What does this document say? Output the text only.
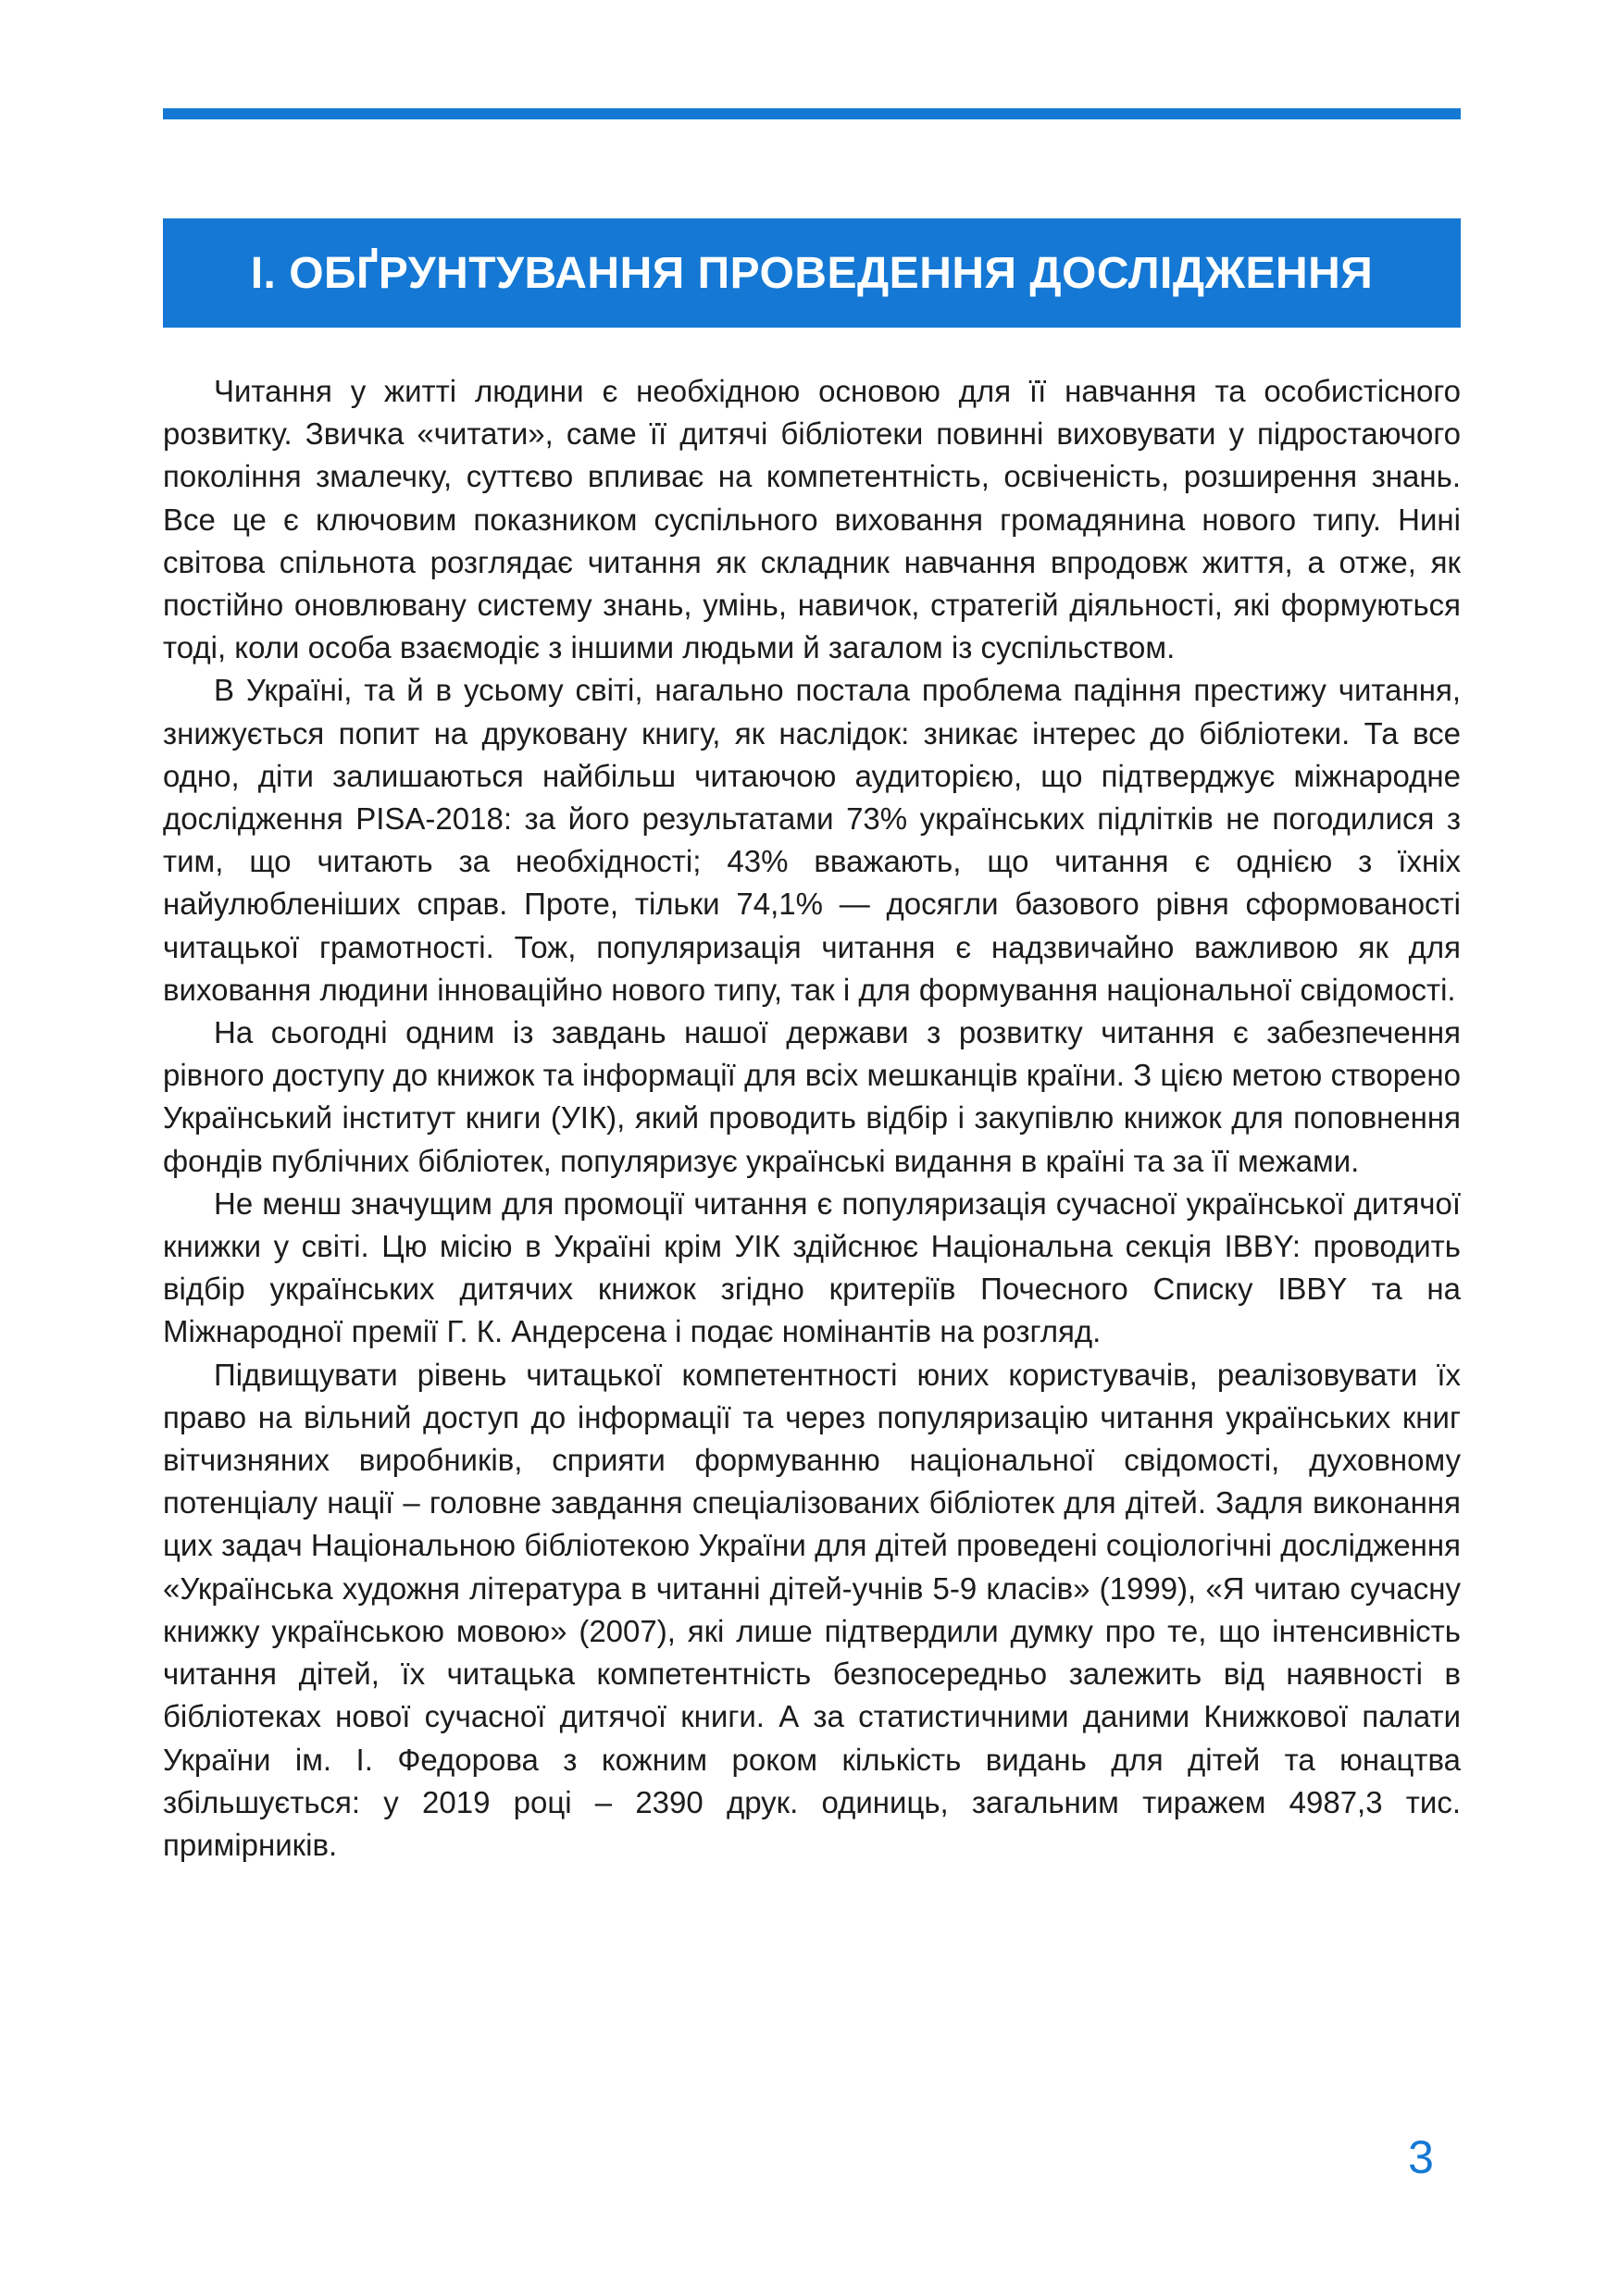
І. ОБҐРУНТУВАННЯ ПРОВЕДЕННЯ ДОСЛІДЖЕННЯ

Читання у житті людини є необхідною основою для її навчання та особистісного розвитку. Звичка «читати», саме її дитячі бібліотеки повинні виховувати у підростаючого покоління змалечку, суттєво впливає на компетентність, освіченість, розширення знань. Все це є ключовим показником суспільного виховання громадянина нового типу. Нині світова спільнота розглядає читання як складник навчання впродовж життя, а отже, як постійно оновлювану систему знань, умінь, навичок, стратегій діяльності, які формуються тоді, коли особа взаємодіє з іншими людьми й загалом із суспільством.

В Україні, та й в усьому світі, нагально постала проблема падіння престижу читання, знижується попит на друковану книгу, як наслідок: зникає інтерес до бібліотеки. Та все одно, діти залишаються найбільш читаючою аудиторією, що підтверджує міжнародне дослідження PISA-2018: за його результатами 73% українських підлітків не погодилися з тим, що читають за необхідності; 43% вважають, що читання є однією з їхніх найулюбленіших справ. Проте, тільки 74,1% — досягли базового рівня сформованості читацької грамотності. Тож, популяризація читання є надзвичайно важливою як для виховання людини інноваційно нового типу, так і для формування національної свідомості.

На сьогодні одним із завдань нашої держави з розвитку читання є забезпечення рівного доступу до книжок та інформації для всіх мешканців країни. З цією метою створено Український інститут книги (УІК), який проводить відбір і закупівлю книжок для поповнення фондів публічних бібліотек, популяризує українські видання в країні та за її межами.

Не менш значущим для промоції читання є популяризація сучасної української дитячої книжки у світі. Цю місію в Україні крім УІК здійснює Національна секція IBBY: проводить відбір українських дитячих книжок згідно критеріїв Почесного Списку IBBY та на Міжнародної премії Г. К. Андерсена і подає номінантів на розгляд.

Підвищувати рівень читацької компетентності юних користувачів, реалізовувати їх право на вільний доступ до інформації та через популяризацію читання українських книг вітчизняних виробників, сприяти формуванню національної свідомості, духовному потенціалу нації – головне завдання спеціалізованих бібліотек для дітей. Задля виконання цих задач Національною бібліотекою України для дітей проведені соціологічні дослідження «Українська художня література в читанні дітей-учнів 5-9 класів» (1999), «Я читаю сучасну книжку українською мовою» (2007), які лише підтвердили думку про те, що інтенсивність читання дітей, їх читацька компетентність безпосередньо залежить від наявності в бібліотеках нової сучасної дитячої книги. А за статистичними даними Книжкової палати України ім. І. Федорова з кожним роком кількість видань для дітей та юнацтва збільшується: у 2019 році – 2390 друк. одиниць, загальним тиражем 4987,3 тис. примірників.

3
